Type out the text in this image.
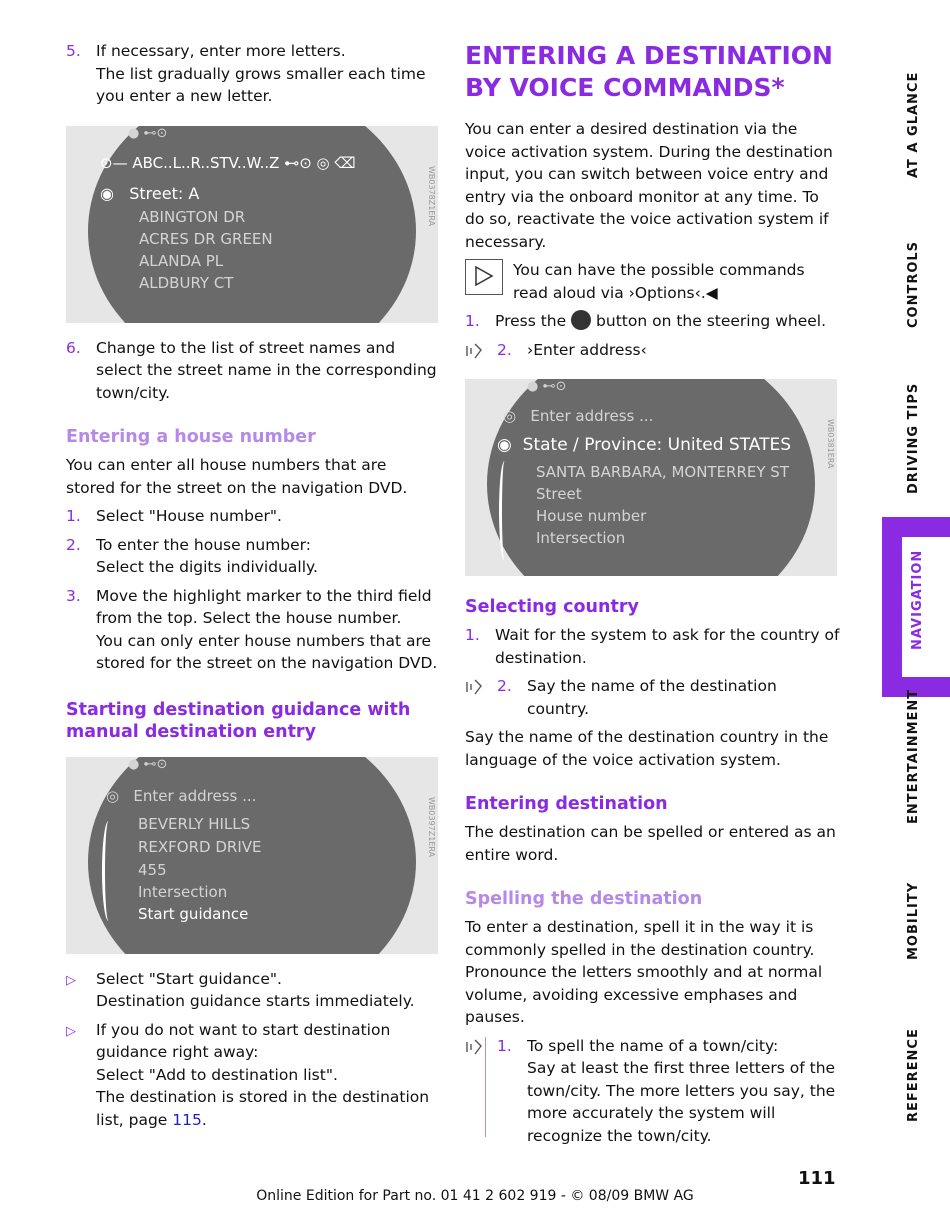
5. If necessary, enter more letters.
The list gradually grows smaller each time you enter a new letter.
● ⊷⊙
⊙— ABC..L..R..STV..W..Z ⊷⊙ ◎ ⌫
◉   Street: A
ABINGTON DR
ACRES DR GREEN
ALANDA PL
ALDBURY CT
WB0378Z1ERA
6. Change to the list of street names and select the street name in the corresponding town/city.
Entering a house number

You can enter all house numbers that are stored for the street on the navigation DVD.

1. Select "House number".
2. To enter the house number:
Select the digits individually.
3. Move the highlight marker to the third field from the top. Select the house number.
You can only enter house numbers that are stored for the street on the navigation DVD.
Starting destination guidance with manual destination entry
● ⊷⊙
◎   Enter address ...
BEVERLY HILLS
REXFORD DRIVE
455
Intersection
Start guidance
WB0397Z1ERA
▷	Select "Start guidance".
Destination guidance starts immediately.
▷	If you do not want to start destination guidance right away:
Select "Add to destination list".
The destination is stored in the destination list, page 115.
ENTERING A DESTINATION BY VOICE COMMANDS*

You can enter a desired destination via the voice activation system. During the destination input, you can switch between voice entry and entry via the onboard monitor at any time. To do so, reactivate the voice activation system if necessary.

You can have the possible commands read aloud via ›Options‹.◀

1. Press the button on the steering wheel.
2. ›Enter address‹
● ⊷⊙
◎   Enter address ...
◉  State / Province: United STATES
SANTA BARBARA, MONTERREY ST
Street
House number
Intersection
WB0381ERA
Selecting country
1. Wait for the system to ask for the country of destination.
2. Say the name of the destination country.

Say the name of the destination country in the language of the voice activation system.

Entering destination

The destination can be spelled or entered as an entire word.

Spelling the destination

To enter a destination, spell it in the way it is commonly spelled in the destination country. Pronounce the letters smoothly and at normal volume, avoiding excessive emphases and pauses.

1. To spell the name of a town/city:
Say at least the first three letters of the town/city. The more letters you say, the more accurately the system will recognize the town/city.
AT A GLANCE
CONTROLS
DRIVING TIPS
NAVIGATION
ENTERTAINMENT
MOBILITY
REFERENCE
111
Online Edition for Part no. 01 41 2 602 919 - © 08/09 BMW AG
